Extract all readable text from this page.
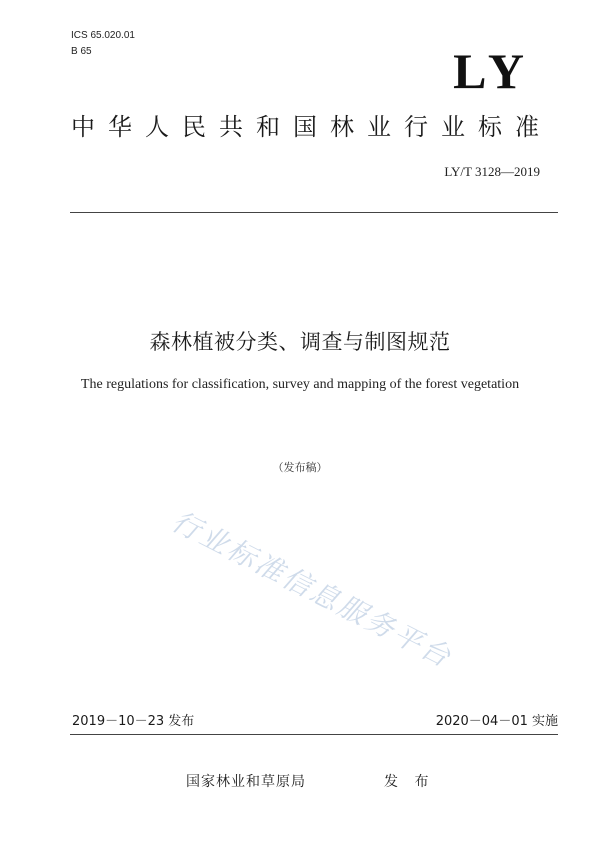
ICS 65.020.01
B 65	LY
中华人民共和国林业行业标准
LY/T 3128—2019
森林植被分类、调查与制图规范
The regulations for classification, survey and mapping of the forest vegetation
（发布稿）
行业标准信息服务平台
2019－10－23 发布	2020－04－01 实施
国家林业和草原局	发 布
